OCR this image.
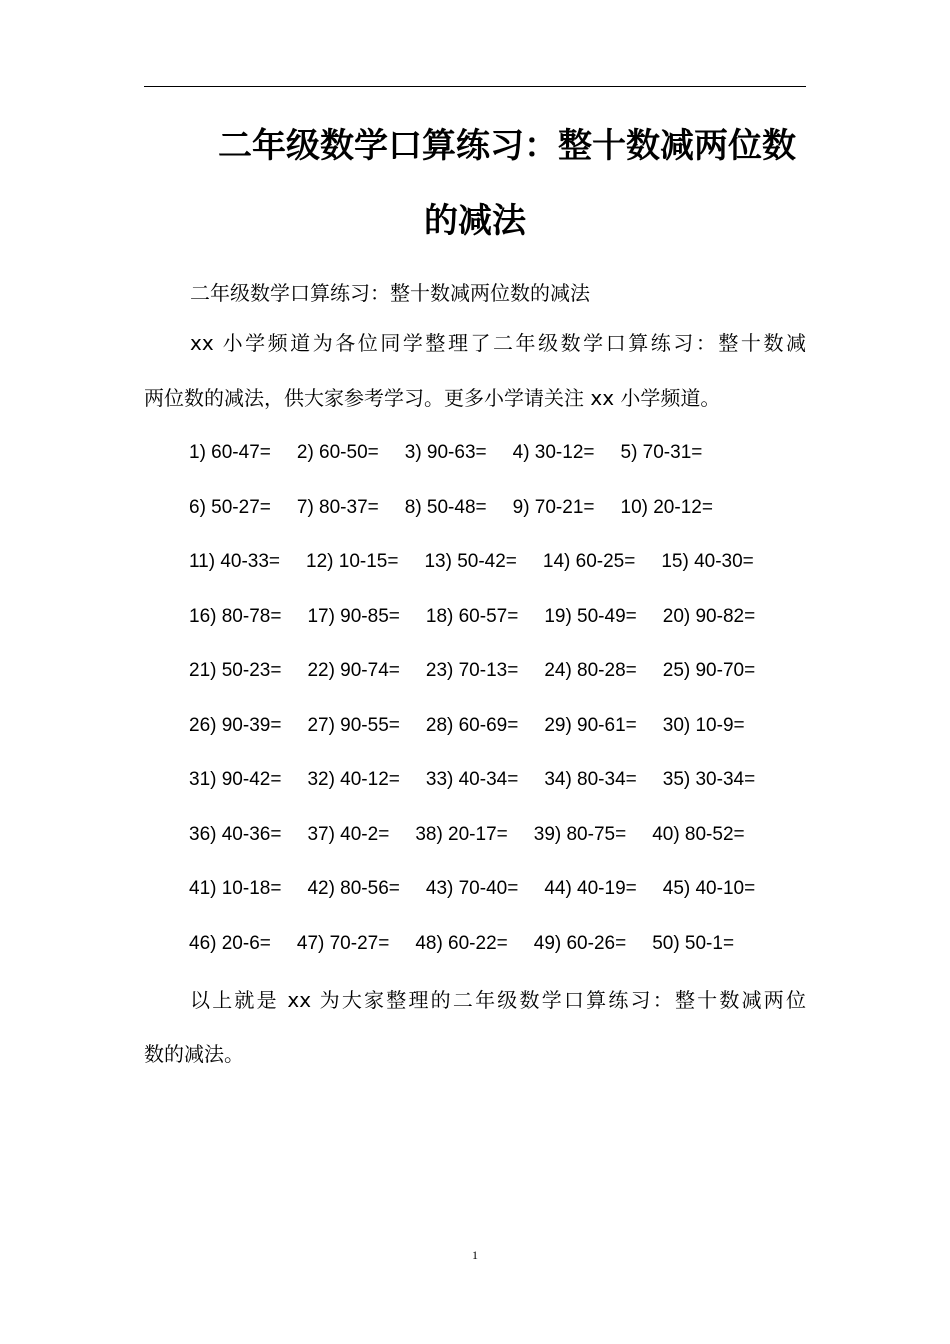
二年级数学口算练习：整十数减两位数
的减法
二年级数学口算练习：整十数减两位数的减法
xx 小学频道为各位同学整理了二年级数学口算练习：整十数减
两位数的减法，供大家参考学习。更多小学请关注 xx 小学频道。
1) 60-47= 2) 60-50= 3) 90-63= 4) 30-12= 5) 70-31=
6) 50-27= 7) 80-37= 8) 50-48= 9) 70-21= 10) 20-12=
11) 40-33= 12) 10-15= 13) 50-42= 14) 60-25= 15) 40-30=
16) 80-78= 17) 90-85= 18) 60-57= 19) 50-49= 20) 90-82=
21) 50-23= 22) 90-74= 23) 70-13= 24) 80-28= 25) 90-70=
26) 90-39= 27) 90-55= 28) 60-69= 29) 90-61= 30) 10-9=
31) 90-42= 32) 40-12= 33) 40-34= 34) 80-34= 35) 30-34=
36) 40-36= 37) 40-2= 38) 20-17= 39) 80-75= 40) 80-52=
41) 10-18= 42) 80-56= 43) 70-40= 44) 40-19= 45) 40-10=
46) 20-6= 47) 70-27= 48) 60-22= 49) 60-26= 50) 50-1=
以上就是 xx 为大家整理的二年级数学口算练习：整十数减两位
数的减法。
1
